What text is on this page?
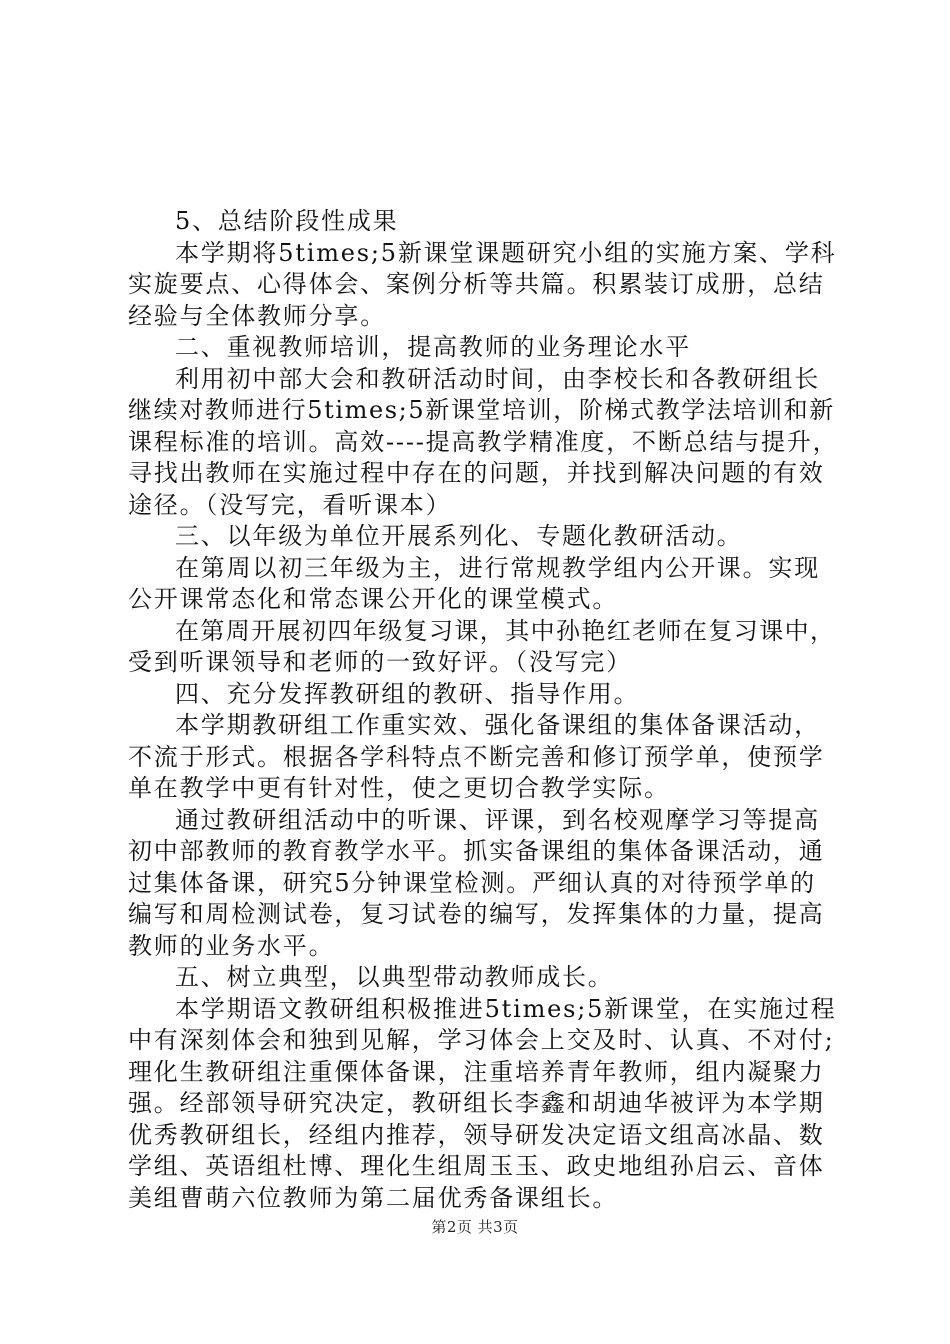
5、总结阶段性成果
本学期将5times;5新课堂课题研究小组的实施方案、学科
实旋要点、心得体会、案例分析等共篇。积累装订成册，总结
经验与全体教师分享。
二、重视教师培训，提高教师的业务理论水平
利用初中部大会和教研活动时间，由李校长和各教研组长
继续对教师进行5times;5新课堂培训，阶梯式教学法培训和新
课程标准的培训。高效----提高教学精准度，不断总结与提升，
寻找出教师在实施过程中存在的问题，并找到解决问题的有效
途径。（没写完，看听课本）
三、以年级为单位开展系列化、专题化教研活动。
在第周以初三年级为主，进行常规教学组内公开课。实现
公开课常态化和常态课公开化的课堂模式。
在第周开展初四年级复习课，其中孙艳红老师在复习课中，
受到听课领导和老师的一致好评。（没写完）
四、充分发挥教研组的教研、指导作用。
本学期教研组工作重实效、强化备课组的集体备课活动，
不流于形式。根据各学科特点不断完善和修订预学单，使预学
单在教学中更有针对性，使之更切合教学实际。
通过教研组活动中的听课、评课，到名校观摩学习等提高
初中部教师的教育教学水平。抓实备课组的集体备课活动，通
过集体备课，研究5分钟课堂检测。严细认真的对待预学单的
编写和周检测试卷，复习试卷的编写，发挥集体的力量，提高
教师的业务水平。
五、树立典型，以典型带动教师成长。
本学期语文教研组积极推进5times;5新课堂，在实施过程
中有深刻体会和独到见解，学习体会上交及时、认真、不对付;
理化生教研组注重傈体备课，注重培养青年教师，组内凝聚力
强。经部领导研究决定，教研组长李鑫和胡迪华被评为本学期
优秀教研组长，经组内推荐，领导研发决定语文组高冰晶、数
学组、英语组杜博、理化生组周玉玉、政史地组孙启云、音体
美组曹萌六位教师为第二届优秀备课组长。
第2页 共3页
